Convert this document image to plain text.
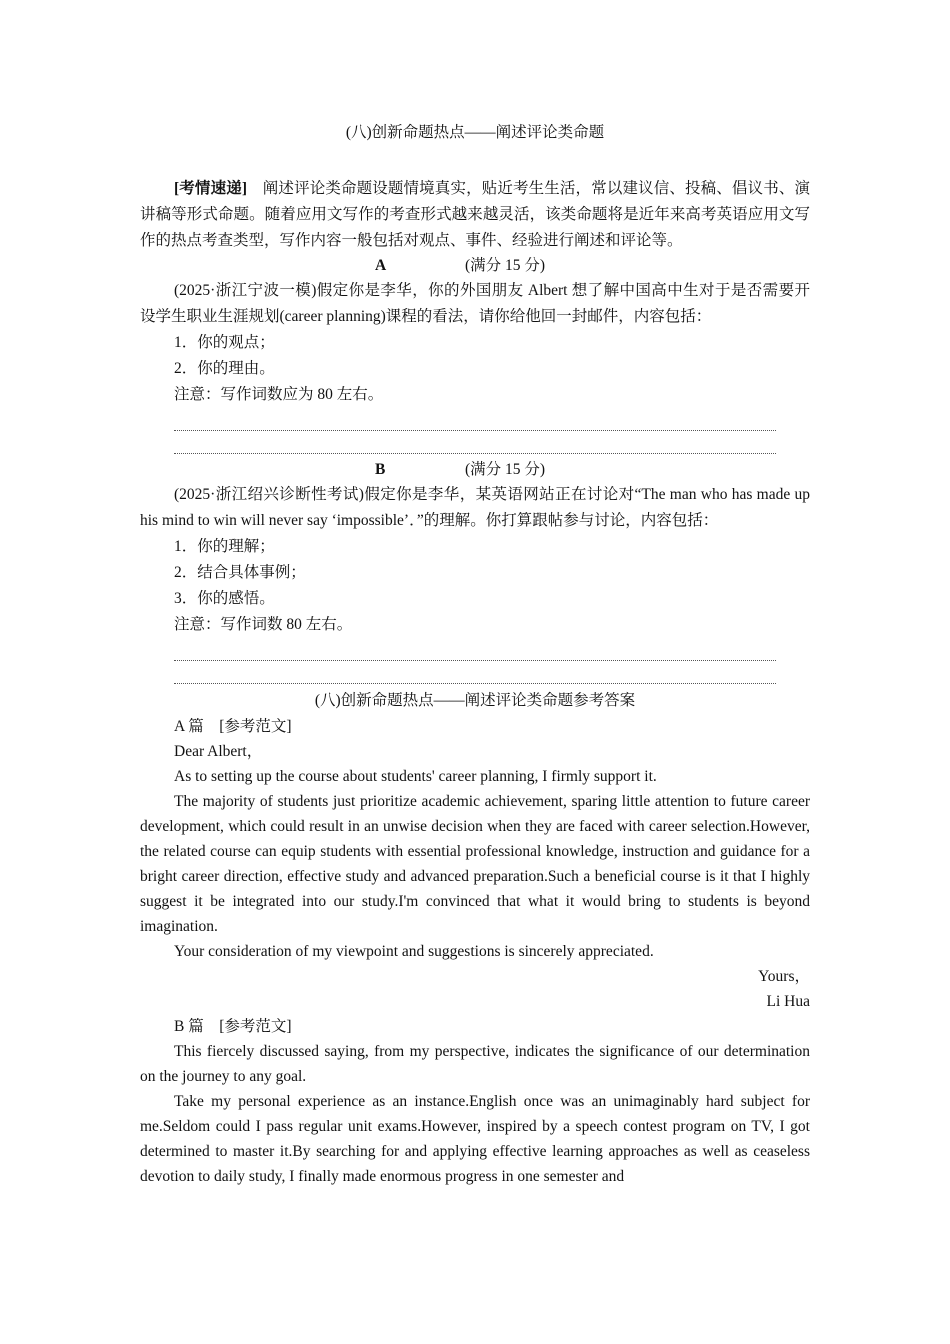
(八)创新命题热点——阐述评论类命题

[考情速递]　 阐述评论类命题设题情境真实，贴近考生生活，常以建议信、投稿、倡议书、演讲稿等形式命题。随着应用文写作的考查形式越来越灵活，该类命题将是近年来高考英语应用文写作的热点考查类型，写作内容一般包括对观点、事件、经验进行阐述和评论等。

A	(满分 15 分)

(2025·浙江宁波一模)假定你是李华，你的外国朋友 Albert 想了解中国高中生对于是否需要开设学生职业生涯规划(career planning)课程的看法，请你给他回一封邮件，内容包括：

1．你的观点；
2．你的理由。
注意：写作词数应为 80 左右。
B	(满分 15 分)

(2025·浙江绍兴诊断性考试)假定你是李华，某英语网站正在讨论对“The man who has made up his mind to win will never say ‘impossible’．”的理解。你打算跟帖参与讨论，内容包括：

1．你的理解；
2．结合具体事例；
3．你的感悟。
注意：写作词数 80 左右。
(八)创新命题热点——阐述评论类命题参考答案

A 篇　[参考范文]

Dear Albert，

As to setting up the course about students' career planning, I firmly support it.

The majority of students just prioritize academic achievement, sparing little attention to future career development, which could result in an unwise decision when they are faced with career selection.However, the related course can equip students with essential professional knowledge, instruction and guidance for a bright career direction, effective study and advanced preparation.Such a beneficial course is it that I highly suggest it be integrated into our study.I'm convinced that what it would bring to students is beyond imagination.

Your consideration of my viewpoint and suggestions is sincerely appreciated.

Yours，

Li Hua

B 篇　[参考范文]

This fiercely discussed saying, from my perspective, indicates the significance of our determination on the journey to any goal.

Take my personal experience as an instance.English once was an unimaginably hard subject for me.Seldom could I pass regular unit exams.However, inspired by a speech contest program on TV, I got determined to master it.By searching for and applying effective learning approaches as well as ceaseless devotion to daily study, I finally made enormous progress in one semester and
